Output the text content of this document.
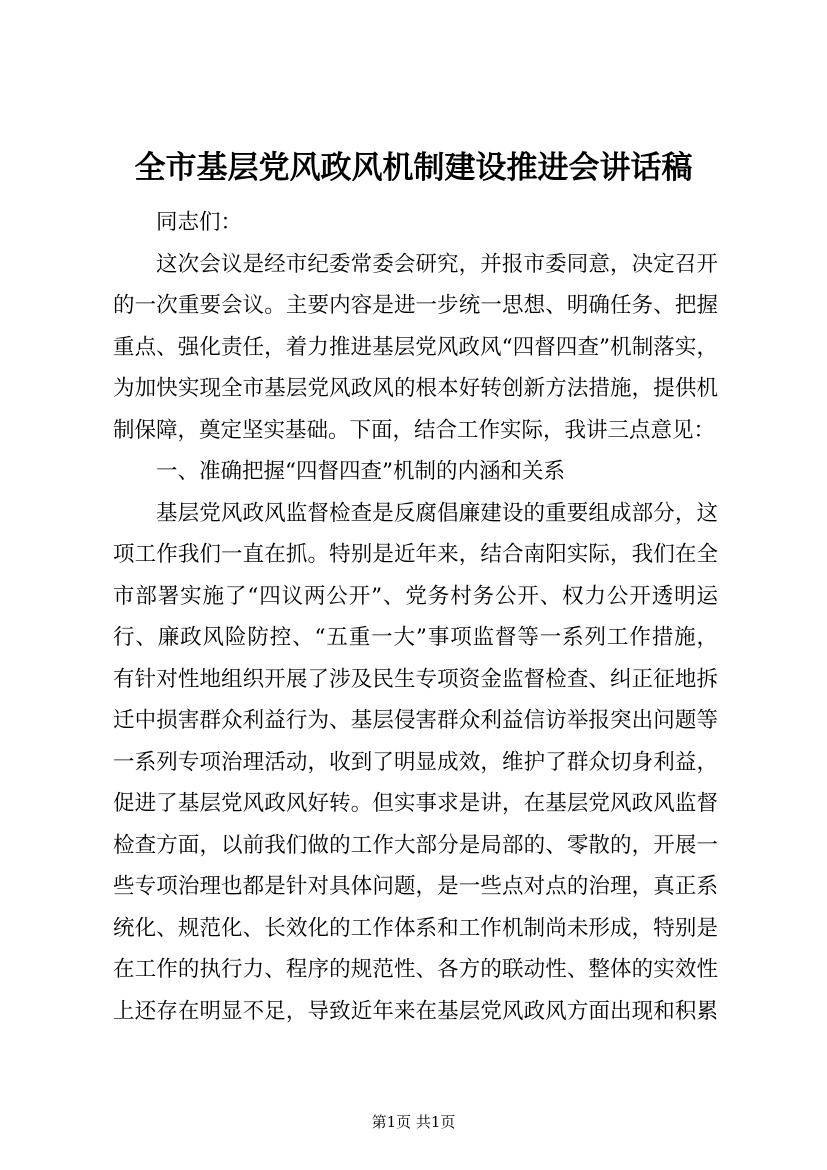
全市基层党风政风机制建设推进会讲话稿
同志们：
这次会议是经市纪委常委会研究，并报市委同意，决定召开
的一次重要会议。主要内容是进一步统一思想、明确任务、把握
重点、强化责任，着力推进基层党风政风“四督四查”机制落实，
为加快实现全市基层党风政风的根本好转创新方法措施，提供机
制保障，奠定坚实基础。下面，结合工作实际，我讲三点意见：
一、准确把握“四督四查”机制的内涵和关系
基层党风政风监督检查是反腐倡廉建设的重要组成部分，这
项工作我们一直在抓。特别是近年来，结合南阳实际，我们在全
市部署实施了“四议两公开”、党务村务公开、权力公开透明运
行、廉政风险防控、“五重一大”事项监督等一系列工作措施，
有针对性地组织开展了涉及民生专项资金监督检查、纠正征地拆
迁中损害群众利益行为、基层侵害群众利益信访举报突出问题等
一系列专项治理活动，收到了明显成效，维护了群众切身利益，
促进了基层党风政风好转。但实事求是讲，在基层党风政风监督
检查方面，以前我们做的工作大部分是局部的、零散的，开展一
些专项治理也都是针对具体问题，是一些点对点的治理，真正系
统化、规范化、长效化的工作体系和工作机制尚未形成，特别是
在工作的执行力、程序的规范性、各方的联动性、整体的实效性
上还存在明显不足，导致近年来在基层党风政风方面出现和积累
第1页 共1页
